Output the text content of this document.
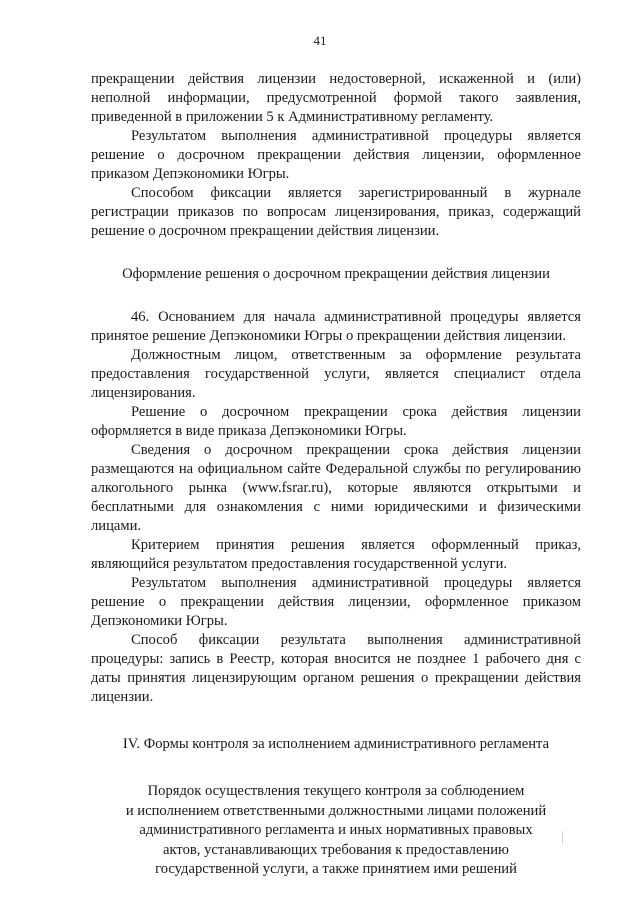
41

прекращении действия лицензии недостоверной, искаженной и (или) неполной информации, предусмотренной формой такого заявления, приведенной в приложении 5 к Административному регламенту.

Результатом выполнения административной процедуры является решение о досрочном прекращении действия лицензии, оформленное приказом Депэкономики Югры.

Способом фиксации является зарегистрированный в журнале регистрации приказов по вопросам лицензирования, приказ, содержащий решение о досрочном прекращении действия лицензии.

Оформление решения о досрочном прекращении действия лицензии

46. Основанием для начала административной процедуры является принятое решение Депэкономики Югры о прекращении действия лицензии.

Должностным лицом, ответственным за оформление результата предоставления государственной услуги, является специалист отдела лицензирования.

Решение о досрочном прекращении срока действия лицензии оформляется в виде приказа Депэкономики Югры.

Сведения о досрочном прекращении срока действия лицензии размещаются на официальном сайте Федеральной службы по регулированию алкогольного рынка (www.fsrar.ru), которые являются открытыми и бесплатными для ознакомления с ними юридическими и физическими лицами.

Критерием принятия решения является оформленный приказ, являющийся результатом предоставления государственной услуги.

Результатом выполнения административной процедуры является решение о прекращении действия лицензии, оформленное приказом Депэкономики Югры.

Способ фиксации результата выполнения административной процедуры: запись в Реестр, которая вносится не позднее 1 рабочего дня с даты принятия лицензирующим органом решения о прекращении действия лицензии.

IV. Формы контроля за исполнением административного регламента

Порядок осуществления текущего контроля за соблюдением

и исполнением ответственными должностными лицами положений

административного регламента и иных нормативных правовых

актов, устанавливающих требования к предоставлению

государственной услуги, а также принятием ими решений
